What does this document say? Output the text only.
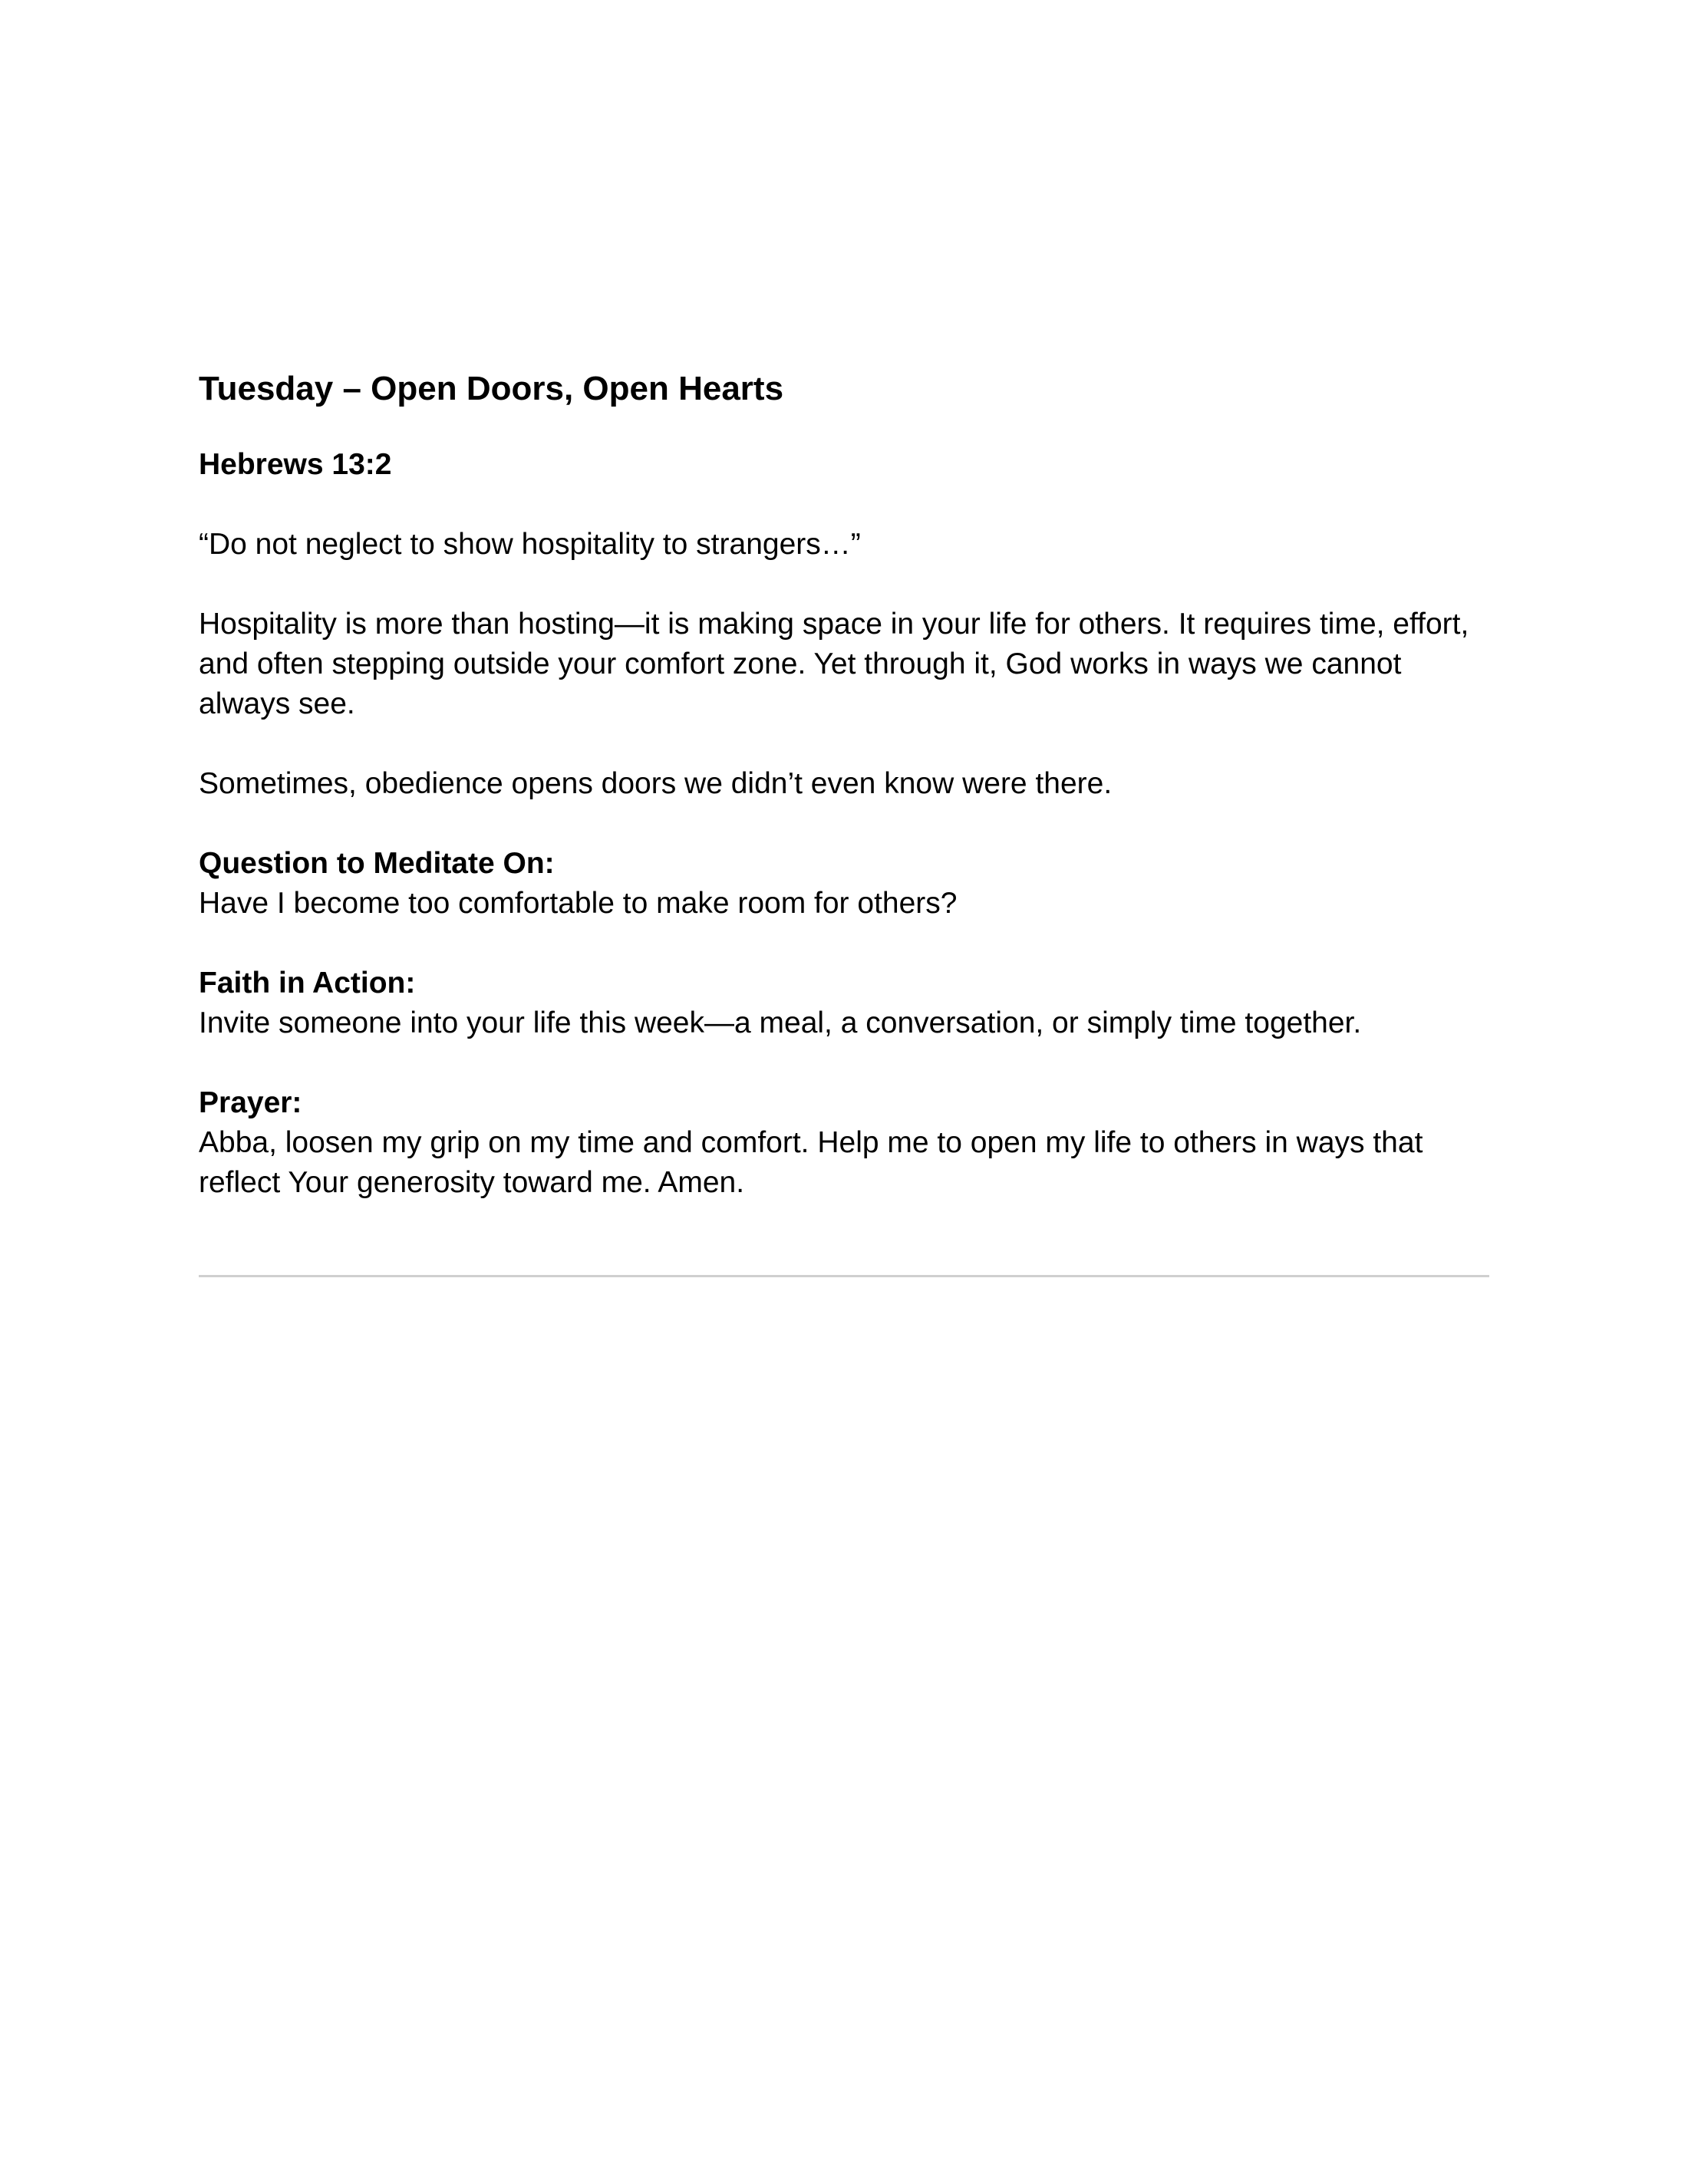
Tuesday – Open Doors, Open Hearts
Hebrews 13:2
“Do not neglect to show hospitality to strangers…”
Hospitality is more than hosting—it is making space in your life for others. It requires time, effort, and often stepping outside your comfort zone. Yet through it, God works in ways we cannot always see.
Sometimes, obedience opens doors we didn’t even know were there.
Question to Meditate On:
Have I become too comfortable to make room for others?
Faith in Action:
Invite someone into your life this week—a meal, a conversation, or simply time together.
Prayer:
Abba, loosen my grip on my time and comfort. Help me to open my life to others in ways that reflect Your generosity toward me. Amen.
